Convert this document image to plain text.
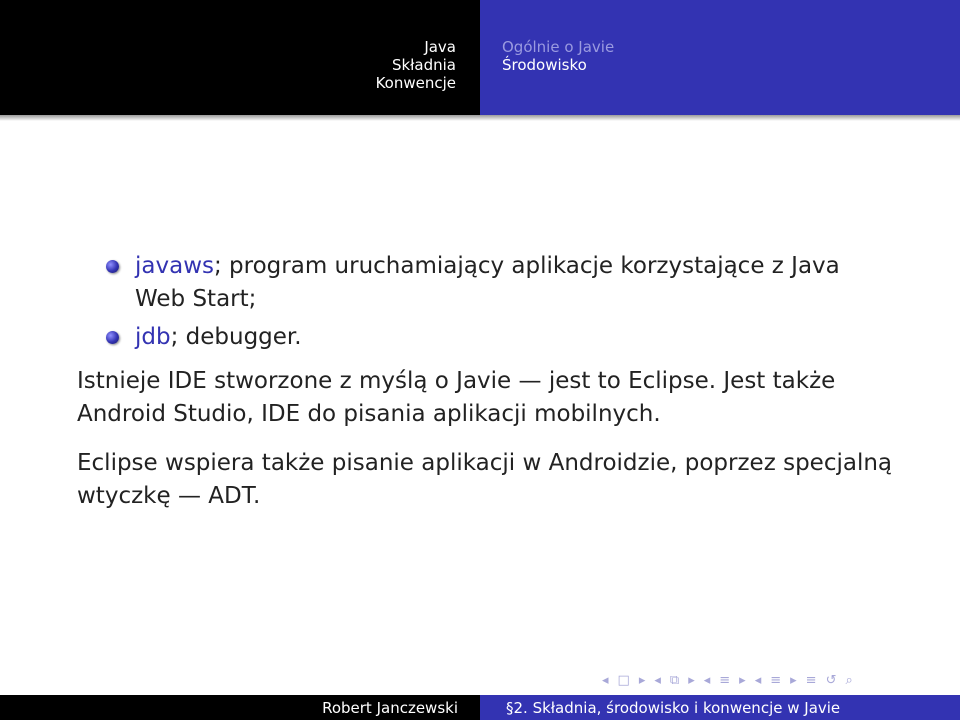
Java
Składnia
Konwencje
Ogólnie o Javie
Środowisko
javaws; program uruchamiający aplikacje korzystające z Java Web Start;
jdb; debugger.

Istnieje IDE stworzone z myślą o Javie — jest to Eclipse. Jest także Android Studio, IDE do pisania aplikacji mobilnych.

Eclipse wspiera także pisanie aplikacji w Androidzie, poprzez specjalną wtyczkę — ADT.

◂ □ ▸ ◂ ⧉ ▸ ◂ ≡ ▸ ◂ ≡ ▸ ≡ ↺ ⌕
Robert Janczewski	§2. Składnia, środowisko i konwencje w Javie
